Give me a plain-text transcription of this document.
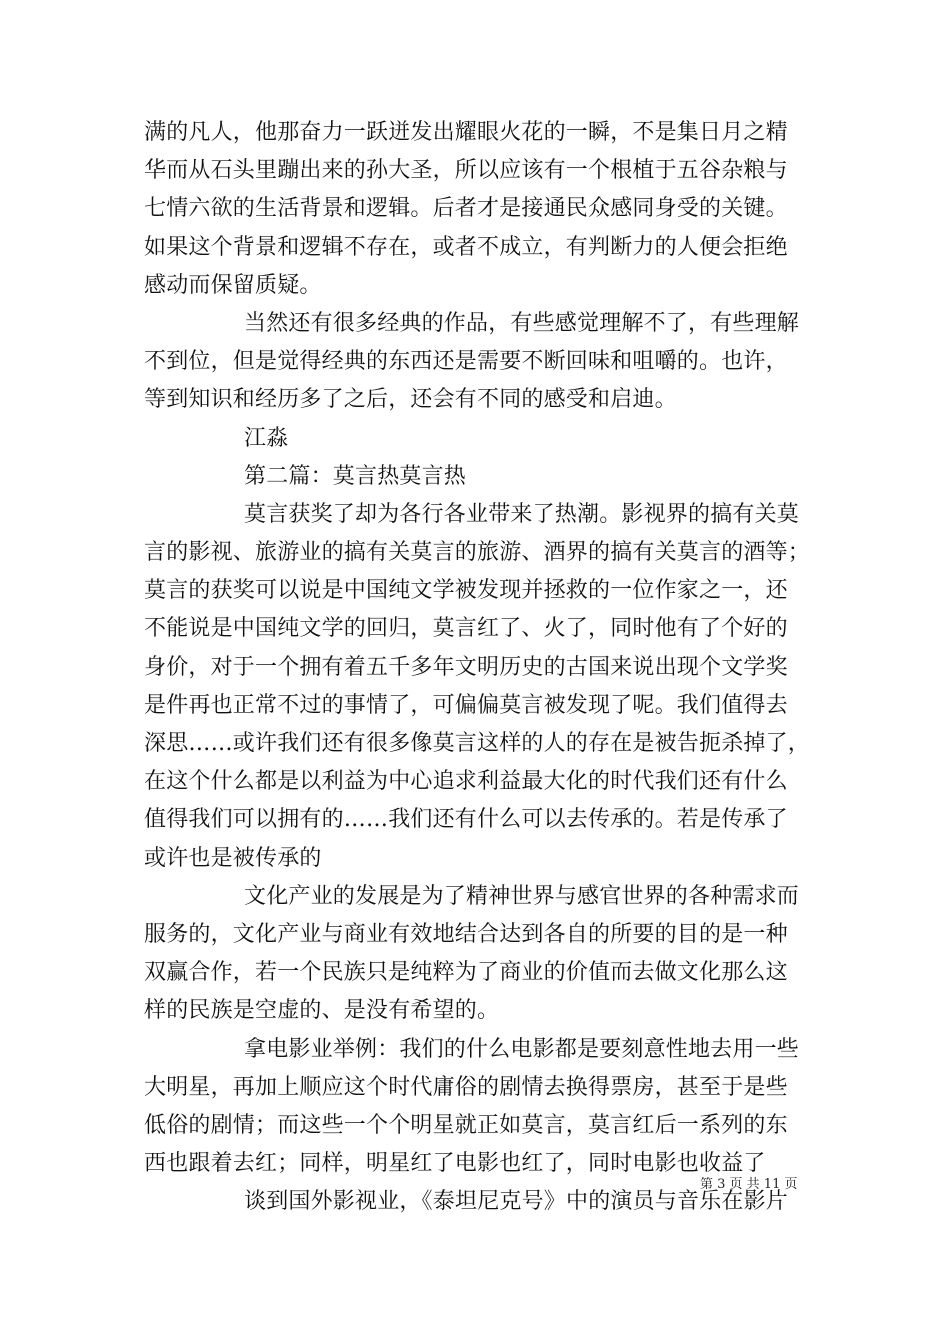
满的凡人，他那奋力一跃迸发出耀眼火花的一瞬，不是集日月之精
华而从石头里蹦出来的孙大圣，所以应该有一个根植于五谷杂粮与
七情六欲的生活背景和逻辑。后者才是接通民众感同身受的关键。
如果这个背景和逻辑不存在，或者不成立，有判断力的人便会拒绝
感动而保留质疑。
当然还有很多经典的作品，有些感觉理解不了，有些理解
不到位，但是觉得经典的东西还是需要不断回味和咀嚼的。也许，
等到知识和经历多了之后，还会有不同的感受和启迪。
江淼
第二篇：莫言热莫言热
莫言获奖了却为各行各业带来了热潮。影视界的搞有关莫
言的影视、旅游业的搞有关莫言的旅游、酒界的搞有关莫言的酒等；
莫言的获奖可以说是中国纯文学被发现并拯救的一位作家之一，还
不能说是中国纯文学的回归，莫言红了、火了，同时他有了个好的
身价，对于一个拥有着五千多年文明历史的古国来说出现个文学奖
是件再也正常不过的事情了，可偏偏莫言被发现了呢。我们值得去
深思……或许我们还有很多像莫言这样的人的存在是被告扼杀掉了，
在这个什么都是以利益为中心追求利益最大化的时代我们还有什么
值得我们可以拥有的……我们还有什么可以去传承的。若是传承了
或许也是被传承的
文化产业的发展是为了精神世界与感官世界的各种需求而
服务的，文化产业与商业有效地结合达到各自的所要的目的是一种
双赢合作，若一个民族只是纯粹为了商业的价值而去做文化那么这
样的民族是空虚的、是没有希望的。
拿电影业举例：我们的什么电影都是要刻意性地去用一些
大明星，再加上顺应这个时代庸俗的剧情去换得票房，甚至于是些
低俗的剧情；而这些一个个明星就正如莫言，莫言红后一系列的东
西也跟着去红；同样，明星红了电影也红了，同时电影也收益了
谈到国外影视业，《泰坦尼克号》中的演员与音乐在影片
第 3 页 共 11 页
